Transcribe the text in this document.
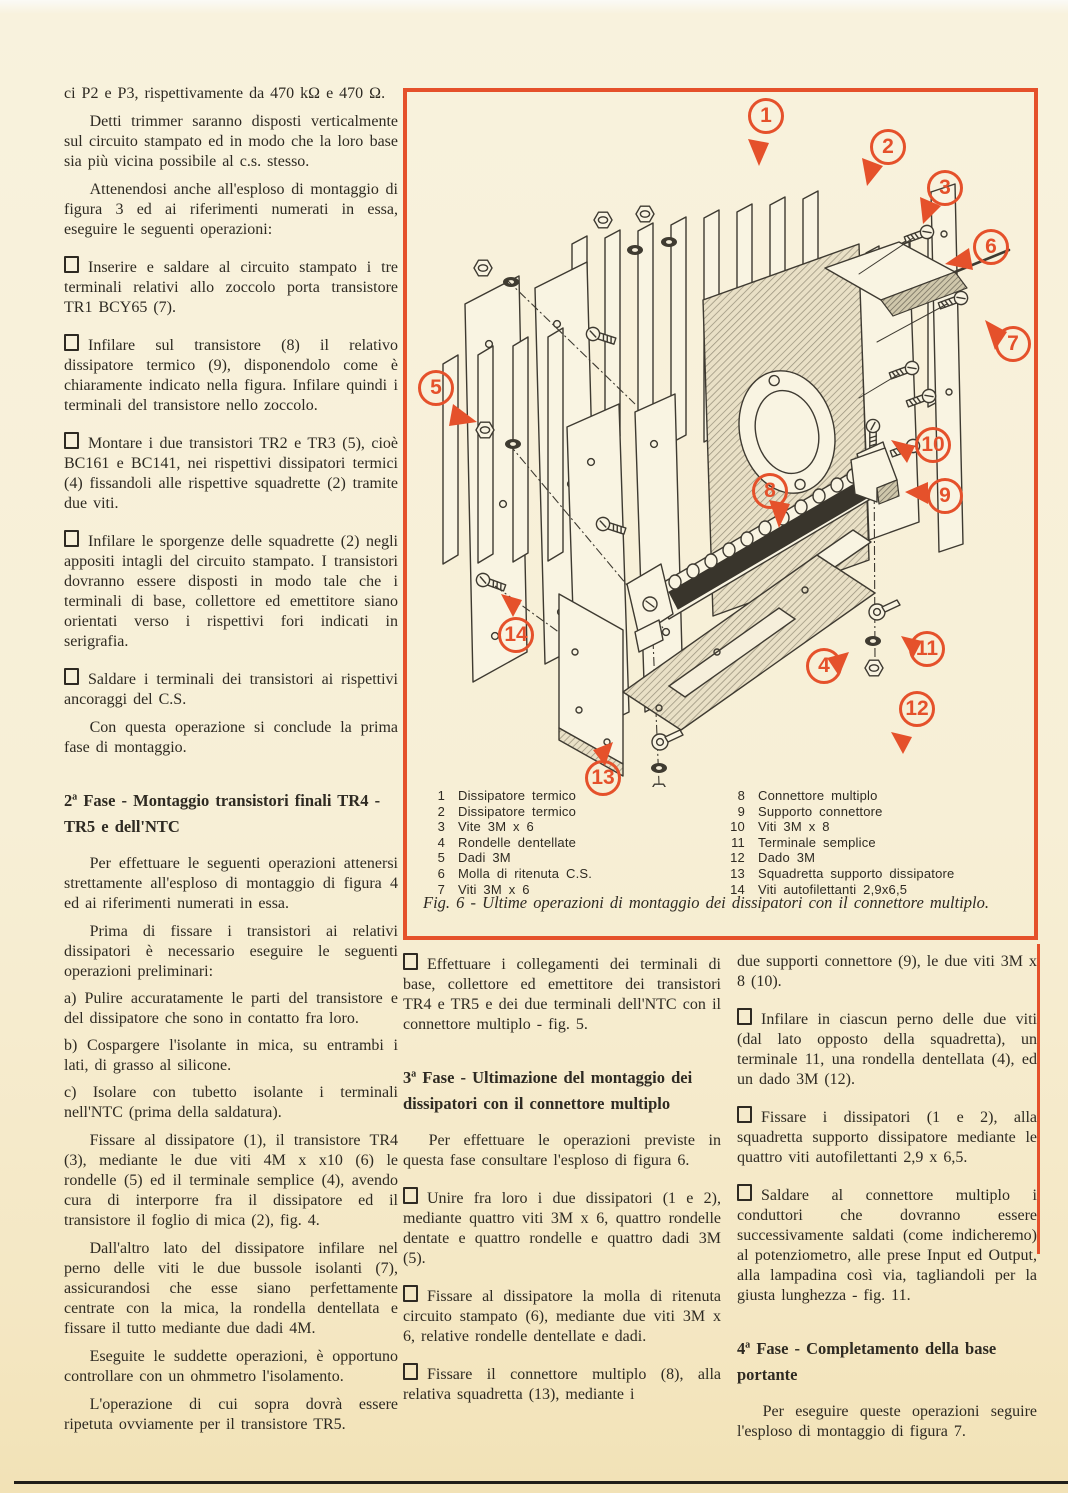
ci P2 e P3, rispettivamente da 470 kΩ e 470 Ω.

Detti trimmer saranno disposti verticalmente sul circuito stampato ed in modo che la loro base sia più vicina possibile al c.s. stesso.

Attenendosi anche all'esploso di montaggio di figura 3 ed ai riferimenti numerati in essa, eseguire le seguenti operazioni:

Inserire e saldare al circuito stampato i tre terminali relativi allo zoccolo porta transistore TR1 BCY65 (7).

Infilare sul transistore (8) il relativo dissipatore termico (9), disponendolo come è chiaramente indicato nella figura. Infilare quindi i terminali del transistore nello zoccolo.

Montare i due transistori TR2 e TR3 (5), cioè BC161 e BC141, nei rispettivi dissipatori termici (4) fissandoli alle rispettive squadrette (2) tramite due viti.

Infilare le sporgenze delle squadrette (2) negli appositi intagli del circuito stampato. I transistori dovranno essere disposti in modo tale che i terminali di base, collettore ed emettitore siano orientati verso i rispettivi fori indicati in serigrafia.

Saldare i terminali dei transistori ai rispettivi ancoraggi del C.S.

Con questa operazione si conclude la prima fase di montaggio.

2ª Fase - Montaggio transistori finali TR4 - TR5 e dell'NTC

Per effettuare le seguenti operazioni attenersi strettamente all'esploso di montaggio di figura 4 ed ai riferimenti numerati in essa.

Prima di fissare i transistori ai relativi dissipatori è necessario eseguire le seguenti operazioni preliminari:

a) Pulire accuratamente le parti del transistore e del dissipatore che sono in contatto fra loro.

b) Cospargere l'isolante in mica, su entrambi i lati, di grasso al silicone.

c) Isolare con tubetto isolante i terminali nell'NTC (prima della saldatura).

Fissare al dissipatore (1), il transistore TR4 (3), mediante le due viti 4M x x10 (6) le rondelle (5) ed il terminale semplice (4), avendo cura di interporre fra il dissipatore ed il transistore il foglio di mica (2), fig. 4.

Dall'altro lato del dissipatore infilare nel perno delle viti le due bussole isolanti (7), assicurandosi che esse siano perfettamente centrate con la mica, la rondella dentellata e fissare il tutto mediante due dadi 4M.

Eseguite le suddette operazioni, è opportuno controllare con un ohmmetro l'isolamento.

L'operazione di cui sopra dovrà essere ripetuta ovviamente per il transistore TR5.

1
2
3
6
7
5
10
9
8
14
11
4
12
13
1 Dissipatore termico
2 Dissipatore termico
3 Vite 3M x 6
4 Rondelle dentellate
5 Dadi 3M
6 Molla di ritenuta C.S.
7 Viti 3M x 6
8 Connettore multiplo
9 Supporto connettore
10 Viti 3M x 8
11 Terminale semplice
12 Dado 3M
13 Squadretta supporto dissipatore
14 Viti autofilettanti 2,9x6,5
Fig. 6 - Ultime operazioni di montaggio dei dissipatori con il connettore multiplo.

Effettuare i collegamenti dei terminali di base, collettore ed emettitore dei transistori TR4 e TR5 e dei due terminali dell'NTC con il connettore multiplo - fig. 5.

3ª Fase - Ultimazione del montaggio dei dissipatori con il connettore multiplo

Per effettuare le operazioni previste in questa fase consultare l'esploso di figura 6.

Unire fra loro i due dissipatori (1 e 2), mediante quattro viti 3M x 6, quattro rondelle dentate e quattro rondelle e quattro dadi 3M (5).

Fissare al dissipatore la molla di ritenuta circuito stampato (6), mediante due viti 3M x 6, relative rondelle dentellate e dadi.

Fissare il connettore multiplo (8), alla relativa squadretta (13), mediante i

due supporti connettore (9), le due viti 3M x 8 (10).

Infilare in ciascun perno delle due viti (dal lato opposto della squadretta), un terminale 11, una rondella dentellata (4), ed un dado 3M (12).

Fissare i dissipatori (1 e 2), alla squadretta supporto dissipatore mediante le quattro viti autofilettanti 2,9 x 6,5.

Saldare al connettore multiplo i conduttori che dovranno essere successivamente saldati (come indicheremo) al potenziometro, alle prese Input ed Output, alla lampadina così via, tagliandoli per la giusta lunghezza - fig. 11.

4ª Fase - Completamento della base portante

Per eseguire queste operazioni seguire l'esploso di montaggio di figura 7.
